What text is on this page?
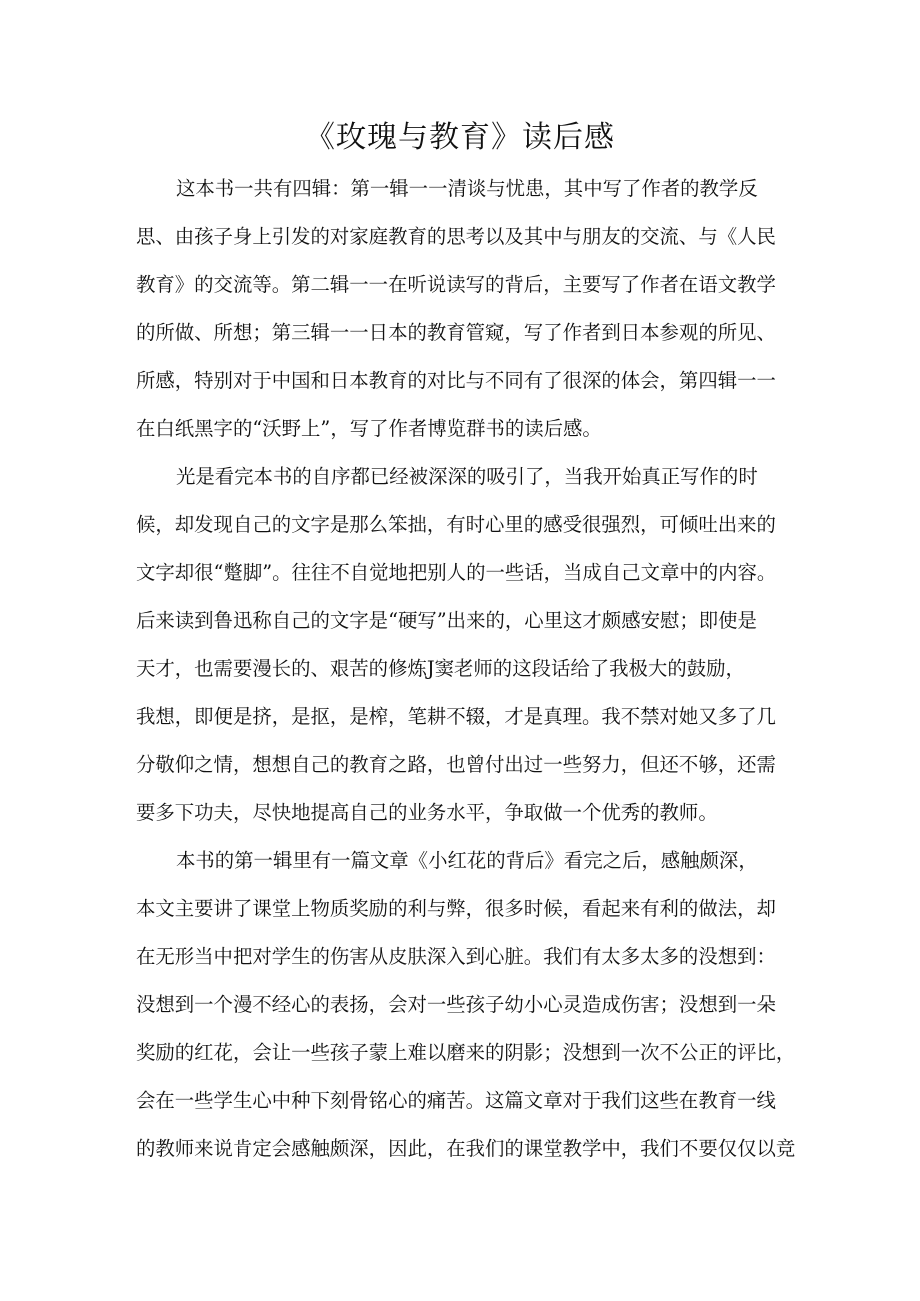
《玫瑰与教育》读后感
这本书一共有四辑：第一辑一一清谈与忧患，其中写了作者的教学反
思、由孩子身上引发的对家庭教育的思考以及其中与朋友的交流、与《人民
教育》的交流等。第二辑一一在听说读写的背后，主要写了作者在语文教学
的所做、所想；第三辑一一日本的教育管窥，写了作者到日本参观的所见、
所感，特别对于中国和日本教育的对比与不同有了很深的体会，第四辑一一
在白纸黑字的“沃野上”，写了作者博览群书的读后感。
光是看完本书的自序都已经被深深的吸引了，当我开始真正写作的时
候，却发现自己的文字是那么笨拙，有时心里的感受很强烈，可倾吐出来的
文字却很“蹩脚”。往往不自觉地把别人的一些话，当成自己文章中的内容。
后来读到鲁迅称自己的文字是“硬写”出来的，心里这才颇感安慰；即使是
天才，也需要漫长的、艰苦的修炼J窦老师的这段话给了我极大的鼓励，
我想，即便是挤，是抠，是榨，笔耕不辍，才是真理。我不禁对她又多了几
分敬仰之情，想想自己的教育之路，也曾付出过一些努力，但还不够，还需
要多下功夫，尽快地提高自己的业务水平，争取做一个优秀的教师。
本书的第一辑里有一篇文章《小红花的背后》看完之后，感触颇深，
本文主要讲了课堂上物质奖励的利与弊，很多时候，看起来有利的做法，却
在无形当中把对学生的伤害从皮肤深入到心脏。我们有太多太多的没想到：
没想到一个漫不经心的表扬，会对一些孩子幼小心灵造成伤害；没想到一朵
奖励的红花，会让一些孩子蒙上难以磨来的阴影；没想到一次不公正的评比，
会在一些学生心中种下刻骨铭心的痛苦。这篇文章对于我们这些在教育一线
的教师来说肯定会感触颇深，因此，在我们的课堂教学中，我们不要仅仅以竞
